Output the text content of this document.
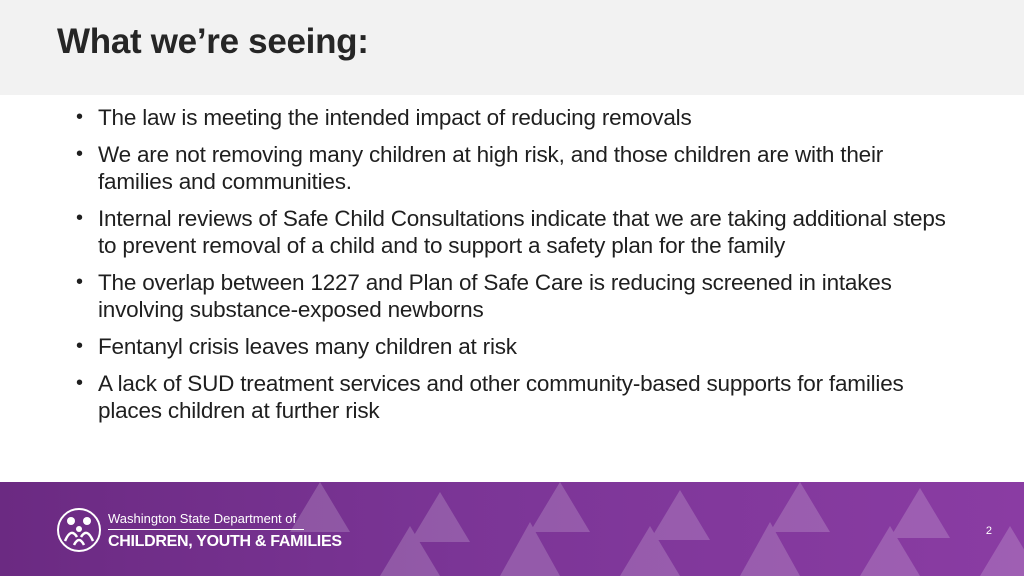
What we’re seeing:
• The law is meeting the intended impact of reducing removals
• We are not removing many children at high risk, and those children are with their families and communities.
• Internal reviews of Safe Child Consultations indicate that we are taking additional steps to prevent removal of a child and to support a safety plan for the family
• The overlap between 1227 and Plan of Safe Care is reducing screened in intakes involving substance-exposed newborns
• Fentanyl crisis leaves many children at risk
• A lack of SUD treatment services and other community-based supports for families places children at further risk
Washington State Department of
CHILDREN, YOUTH & FAMILIES
2
